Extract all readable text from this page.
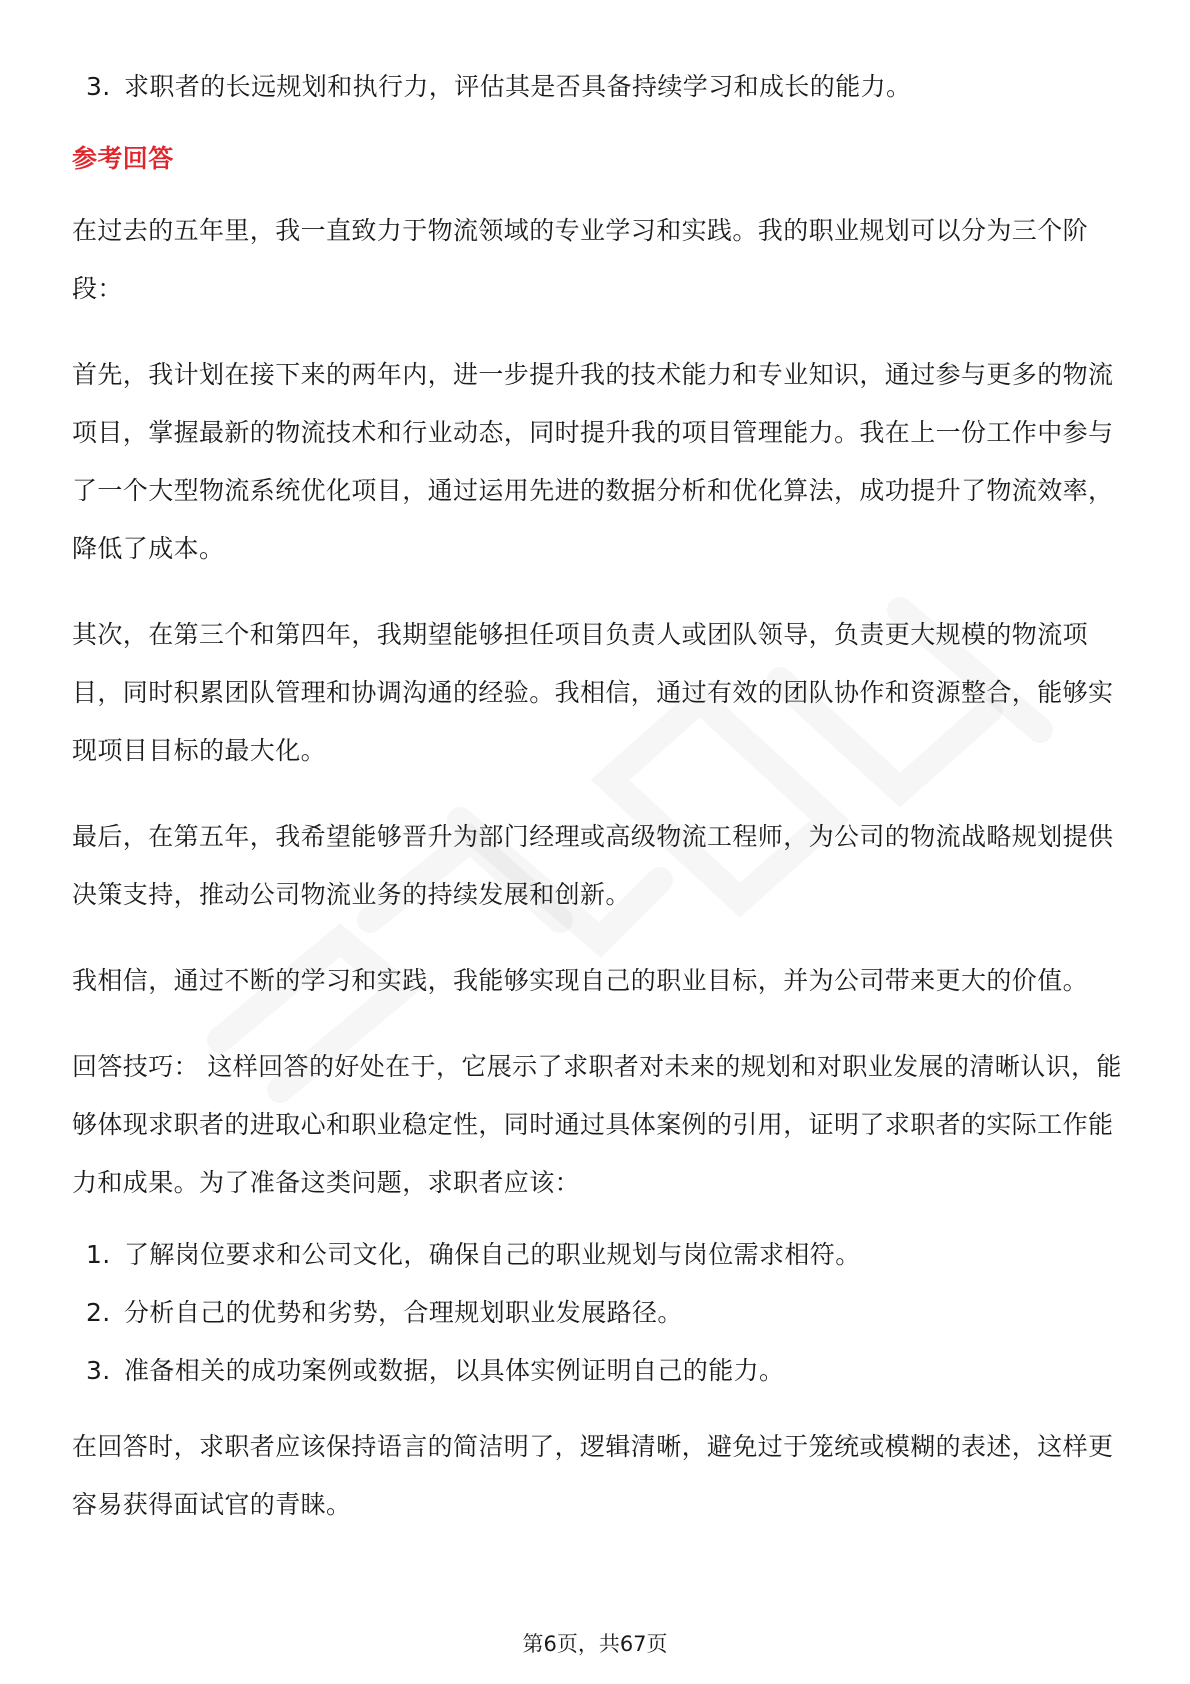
3. 求职者的长远规划和执行力，评估其是否具备持续学习和成长的能力。
参考回答

在过去的五年里，我一直致力于物流领域的专业学习和实践。我的职业规划可以分为三个阶段：

首先，我计划在接下来的两年内，进一步提升我的技术能力和专业知识，通过参与更多的物流项目，掌握最新的物流技术和行业动态，同时提升我的项目管理能力。我在上一份工作中参与了一个大型物流系统优化项目，通过运用先进的数据分析和优化算法，成功提升了物流效率，降低了成本。

其次，在第三个和第四年，我期望能够担任项目负责人或团队领导，负责更大规模的物流项目，同时积累团队管理和协调沟通的经验。我相信，通过有效的团队协作和资源整合，能够实现项目目标的最大化。

最后，在第五年，我希望能够晋升为部门经理或高级物流工程师，为公司的物流战略规划提供决策支持，推动公司物流业务的持续发展和创新。

我相信，通过不断的学习和实践，我能够实现自己的职业目标，并为公司带来更大的价值。

回答技巧： 这样回答的好处在于，它展示了求职者对未来的规划和对职业发展的清晰认识，能够体现求职者的进取心和职业稳定性，同时通过具体案例的引用，证明了求职者的实际工作能力和成果。为了准备这类问题，求职者应该：

1. 了解岗位要求和公司文化，确保自己的职业规划与岗位需求相符。
2. 分析自己的优势和劣势，合理规划职业发展路径。
3. 准备相关的成功案例或数据，以具体实例证明自己的能力。

在回答时，求职者应该保持语言的简洁明了，逻辑清晰，避免过于笼统或模糊的表述，这样更容易获得面试官的青睐。

第6页，共67页
